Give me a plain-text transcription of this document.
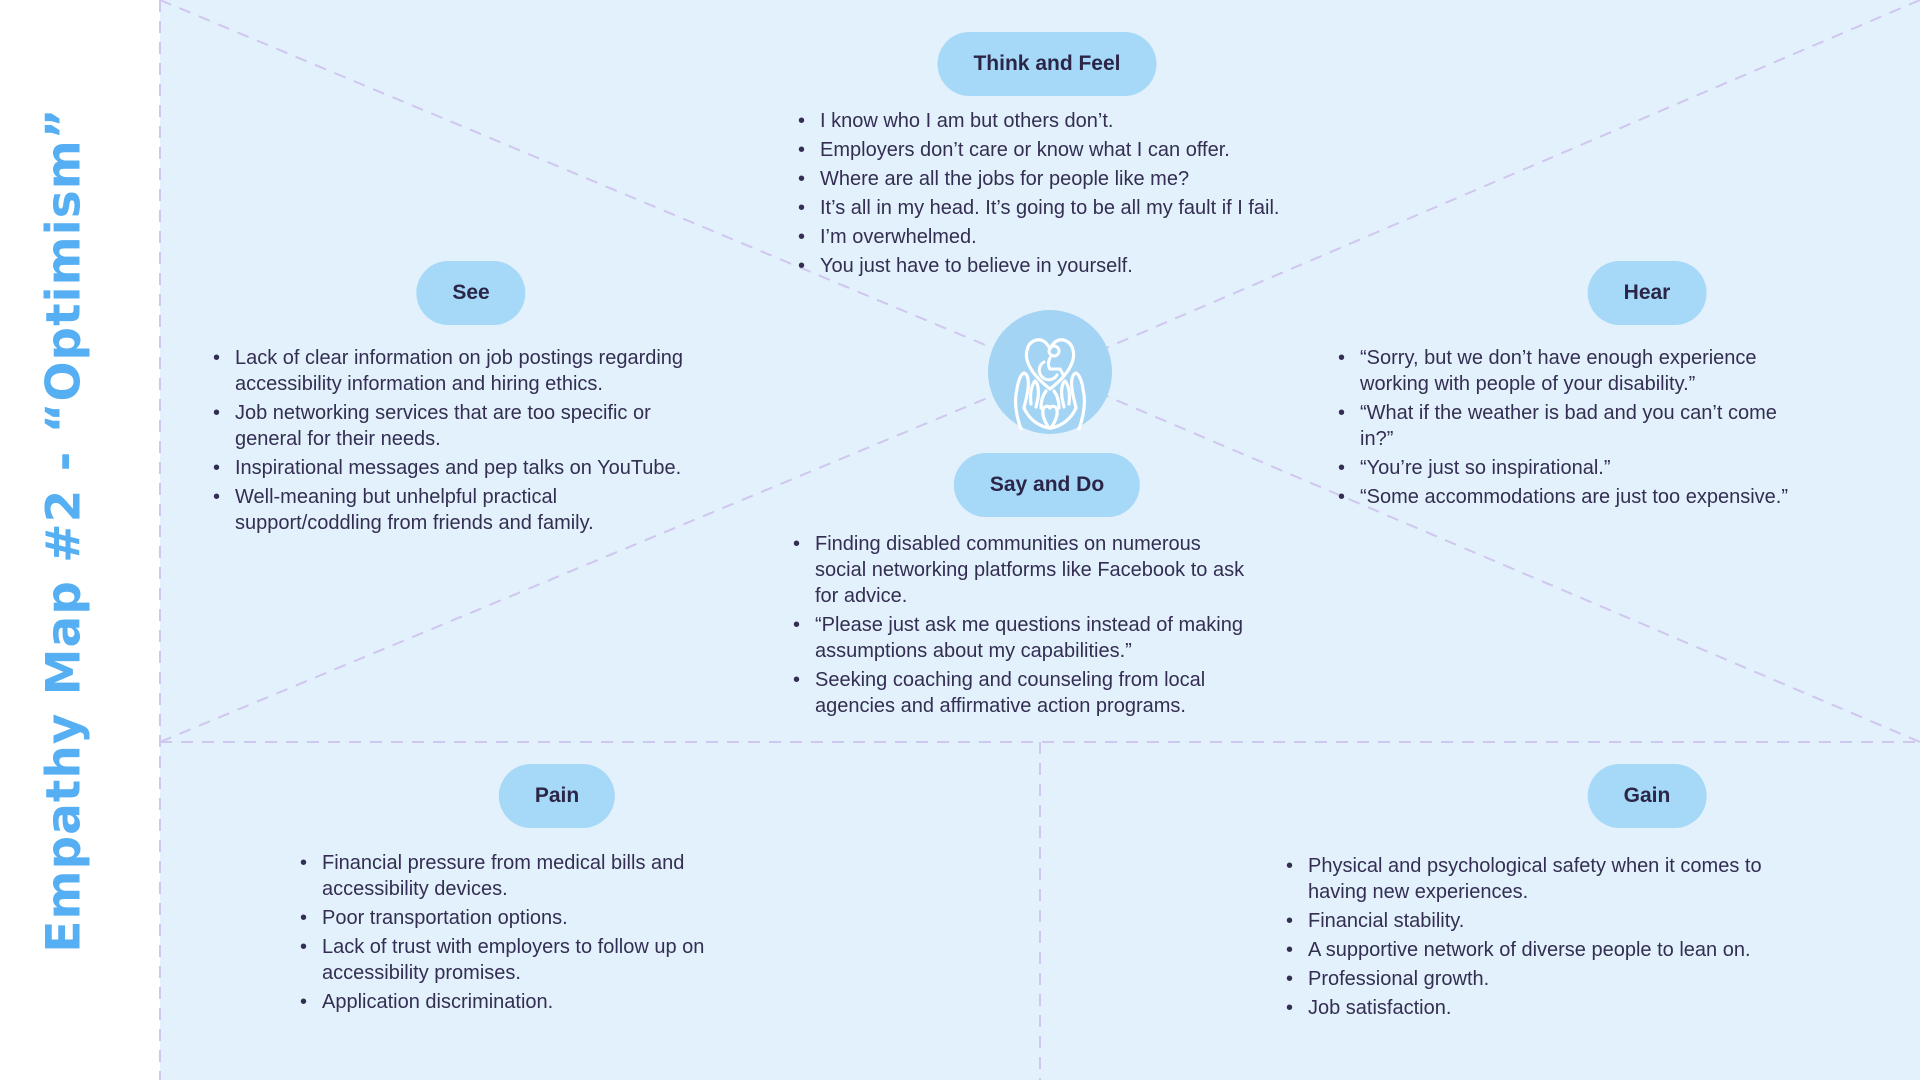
Empathy Map #2 - “Optimism”
Think and Feel
See	Hear
Say and Do
Pain	Gain
• I know who I am but others don’t.
• Employers don’t care or know what I can offer.
• Where are all the jobs for people like me?
• It’s all in my head. It’s going to be all my fault if I fail.
• I’m overwhelmed.
• You just have to believe in yourself.
• Lack of clear information on job postings regarding accessibility information and hiring ethics.
• Job networking services that are too specific or general for their needs.
• Inspirational messages and pep talks on YouTube.
• Well-meaning but unhelpful practical support/coddling from friends and family.
• “Sorry, but we don’t have enough experience working with people of your disability.”
• “What if the weather is bad and you can’t come in?”
• “You’re just so inspirational.”
• “Some accommodations are just too expensive.”
• Finding disabled communities on numerous social networking platforms like Facebook to ask for advice.
• “Please just ask me questions instead of making assumptions about my capabilities.”
• Seeking coaching and counseling from local agencies and affirmative action programs.
• Financial pressure from medical bills and accessibility devices.
• Poor transportation options.
• Lack of trust with employers to follow up on accessibility promises.
• Application discrimination.
• Physical and psychological safety when it comes to having new experiences.
• Financial stability.
• A supportive network of diverse people to lean on.
• Professional growth.
• Job satisfaction.
